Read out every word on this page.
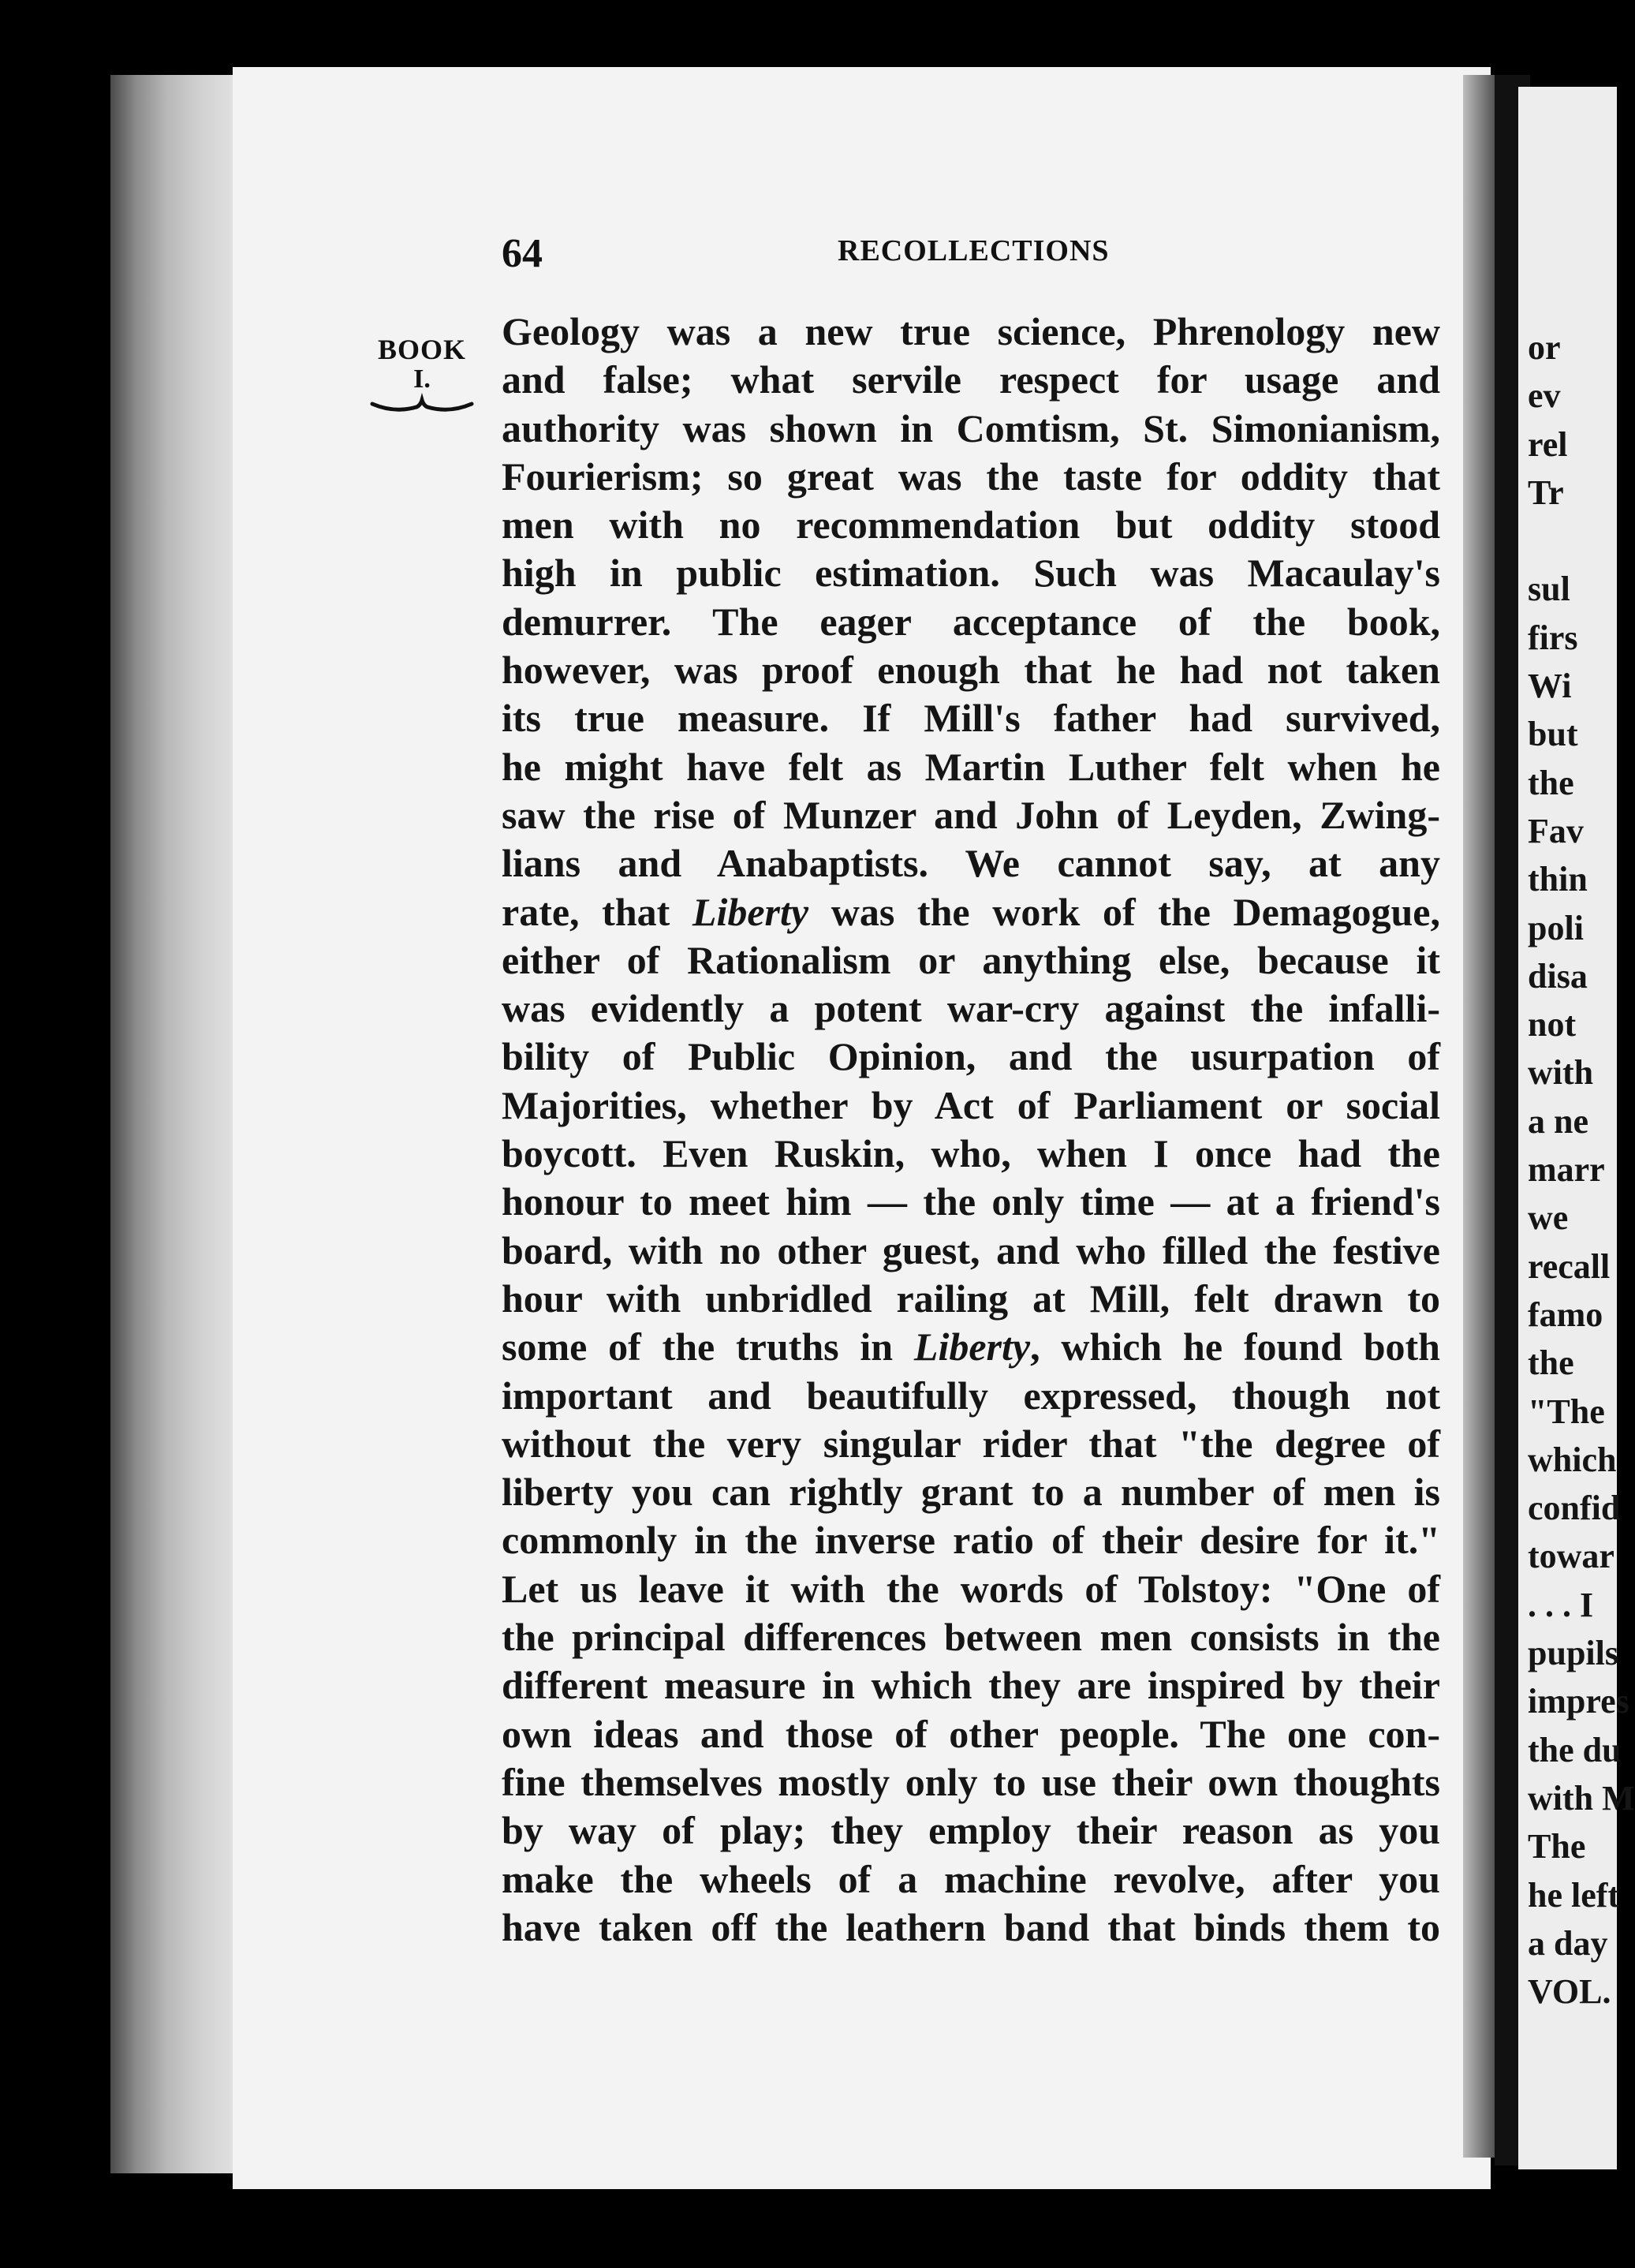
or
ev
rel
Tr
sul
firs
Wi
but
the
Fav
thin
poli
disa
not
with
a ne
marr
we
recall
famo
the
"The
which
confid
towar
. . . I
pupils
impres
the du
with M
The
he left
a day
VOL.
64	RECOLLECTIONS
BOOK
I.
Geology was a new true science, Phrenology new
and false; what servile respect for usage and
authority was shown in Comtism, St. Simonianism,
Fourierism; so great was the taste for oddity that
men with no recommendation but oddity stood
high in public estimation. Such was Macaulay's
demurrer. The eager acceptance of the book,
however, was proof enough that he had not taken
its true measure. If Mill's father had survived,
he might have felt as Martin Luther felt when he
saw the rise of Munzer and John of Leyden, Zwing-
lians and Anabaptists. We cannot say, at any
rate, that Liberty was the work of the Demagogue,
either of Rationalism or anything else, because it
was evidently a potent war-cry against the infalli-
bility of Public Opinion, and the usurpation of
Majorities, whether by Act of Parliament or social
boycott. Even Ruskin, who, when I once had the
honour to meet him — the only time — at a friend's
board, with no other guest, and who filled the festive
hour with unbridled railing at Mill, felt drawn to
some of the truths in Liberty, which he found both
important and beautifully expressed, though not
without the very singular rider that "the degree of
liberty you can rightly grant to a number of men is
commonly in the inverse ratio of their desire for it."
Let us leave it with the words of Tolstoy: "One of
the principal differences between men consists in the
different measure in which they are inspired by their
own ideas and those of other people. The one con-
fine themselves mostly only to use their own thoughts
by way of play; they employ their reason as you
make the wheels of a machine revolve, after you
have taken off the leathern band that binds them to
